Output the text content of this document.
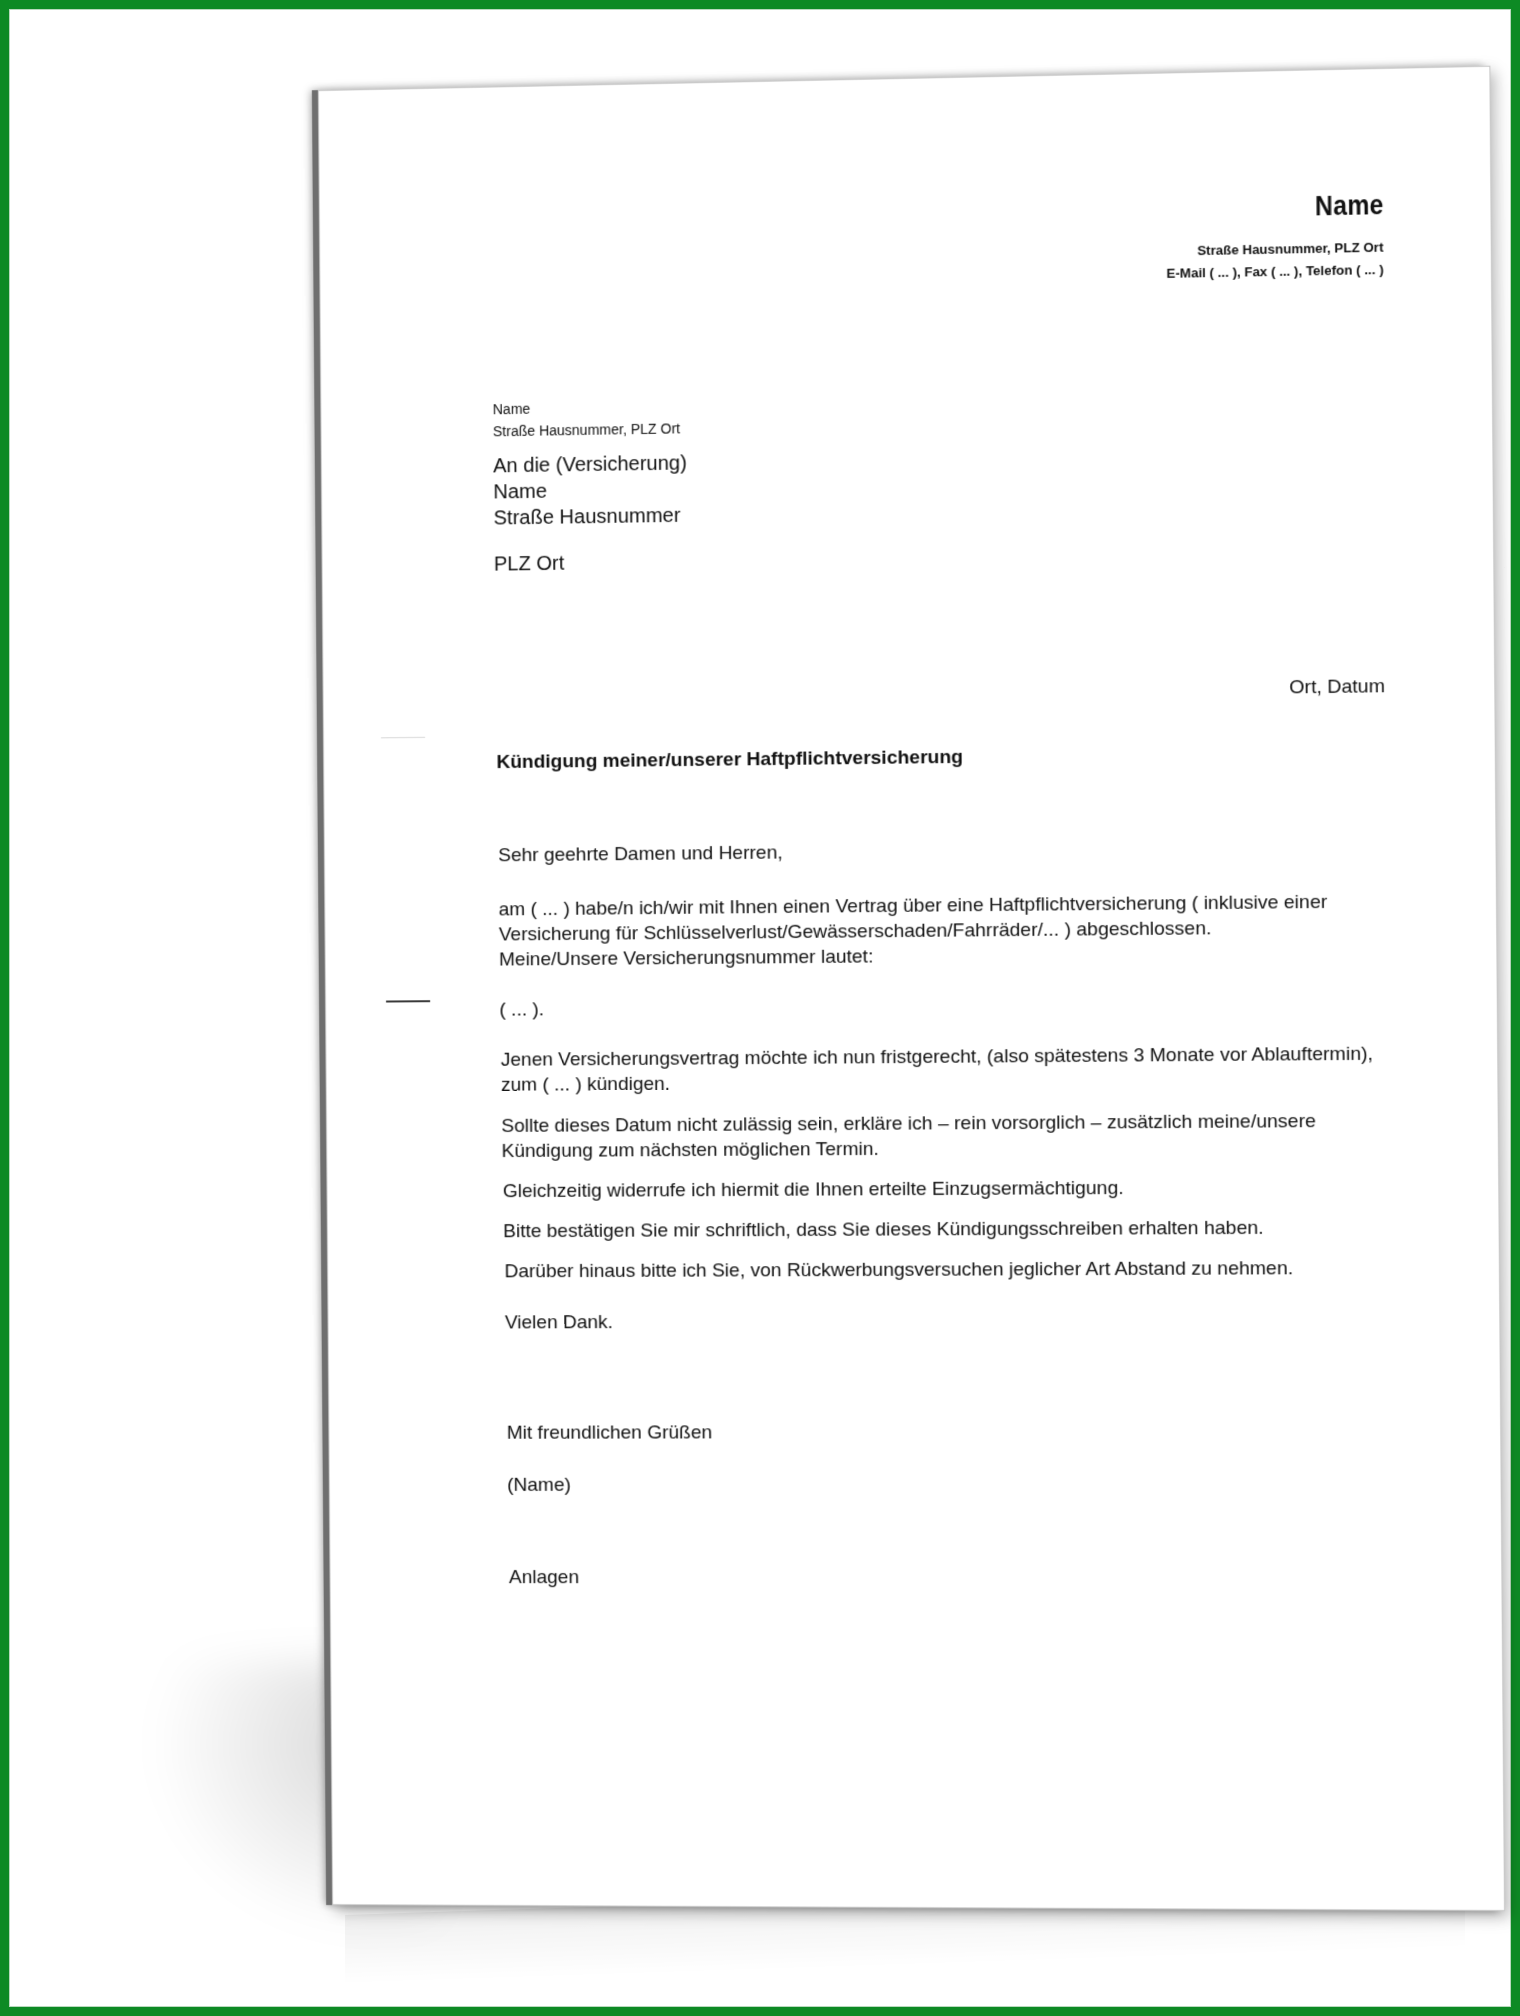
Name
Straße Hausnummer, PLZ Ort
E-Mail ( ... ), Fax ( ... ), Telefon ( ... )
Name
Straße Hausnummer, PLZ Ort
An die (Versicherung)
Name
Straße Hausnummer
PLZ Ort
Ort, Datum
Kündigung meiner/unserer Haftpflichtversicherung
Sehr geehrte Damen und Herren,
am ( ... ) habe/n ich/wir mit Ihnen einen Vertrag über eine Haftpflichtversicherung ( inklusive einer
Versicherung für Schlüsselverlust/Gewässerschaden/Fahrräder/... ) abgeschlossen.
Meine/Unsere Versicherungsnummer lautet:
( ... ).
Jenen Versicherungsvertrag möchte ich nun fristgerecht, (also spätestens 3 Monate vor Ablauftermin),
zum ( ... ) kündigen.
Sollte dieses Datum nicht zulässig sein, erkläre ich – rein vorsorglich – zusätzlich meine/unsere
Kündigung zum nächsten möglichen Termin.
Gleichzeitig widerrufe ich hiermit die Ihnen erteilte Einzugsermächtigung.
Bitte bestätigen Sie mir schriftlich, dass Sie dieses Kündigungsschreiben erhalten haben.
Darüber hinaus bitte ich Sie, von Rückwerbungsversuchen jeglicher Art Abstand zu nehmen.
Vielen Dank.
Mit freundlichen Grüßen
(Name)
Anlagen
